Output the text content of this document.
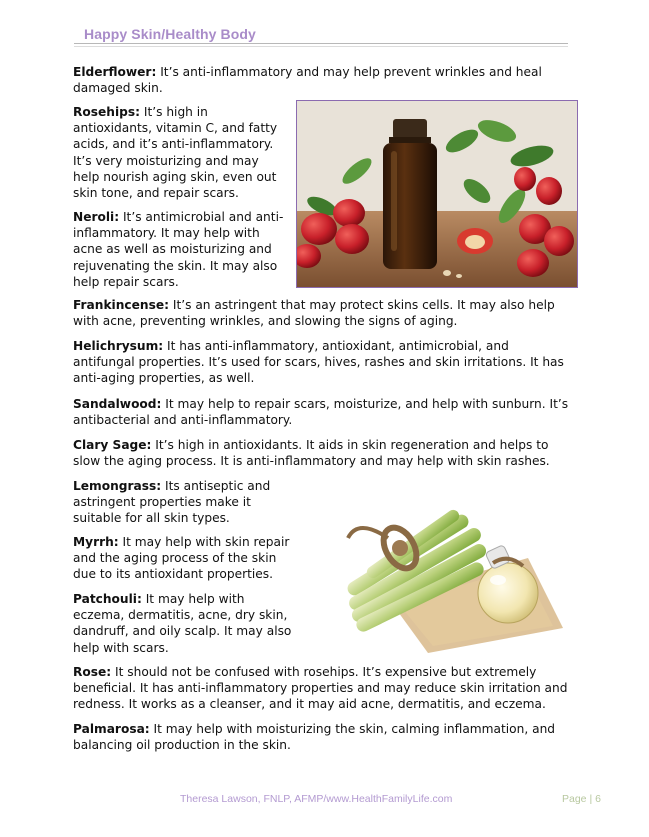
Happy Skin/Healthy Body

Elderflower: It’s anti-inflammatory and may help prevent wrinkles and heal damaged skin.

Rosehips: It’s high in antioxidants, vitamin C, and fatty acids, and it’s anti-inflammatory. It’s very moisturizing and may help nourish aging skin, even out skin tone, and repair scars.

Neroli: It’s antimicrobial and anti-inflammatory. It may help with acne as well as moisturizing and rejuvenating the skin. It may also help repair scars.

Frankincense: It’s an astringent that may protect skins cells. It may also help with acne, preventing wrinkles, and slowing the signs of aging.

Helichrysum: It has anti-inflammatory, antioxidant, antimicrobial, and antifungal properties. It’s used for scars, hives, rashes and skin irritations. It has anti-aging properties, as well.

Sandalwood: It may help to repair scars, moisturize, and help with sunburn. It’s antibacterial and anti-inflammatory.

Clary Sage: It’s high in antioxidants. It aids in skin regeneration and helps to slow the aging process. It is anti-inflammatory and may help with skin rashes.

Lemongrass: Its antiseptic and astringent properties make it suitable for all skin types.

Myrrh: It may help with skin repair and the aging process of the skin due to its antioxidant properties.

Patchouli: It may help with eczema, dermatitis, acne, dry skin, dandruff, and oily scalp. It may also help with scars.

Rose: It should not be confused with rosehips. It’s expensive but extremely beneficial. It has anti-inflammatory properties and may reduce skin irritation and redness. It works as a cleanser, and it may aid acne, dermatitis, and eczema.

Palmarosa: It may help with moisturizing the skin, calming inflammation, and balancing oil production in the skin.

Theresa Lawson, FNLP, AFMP/www.HealthFamilyLife.com	Page | 6
